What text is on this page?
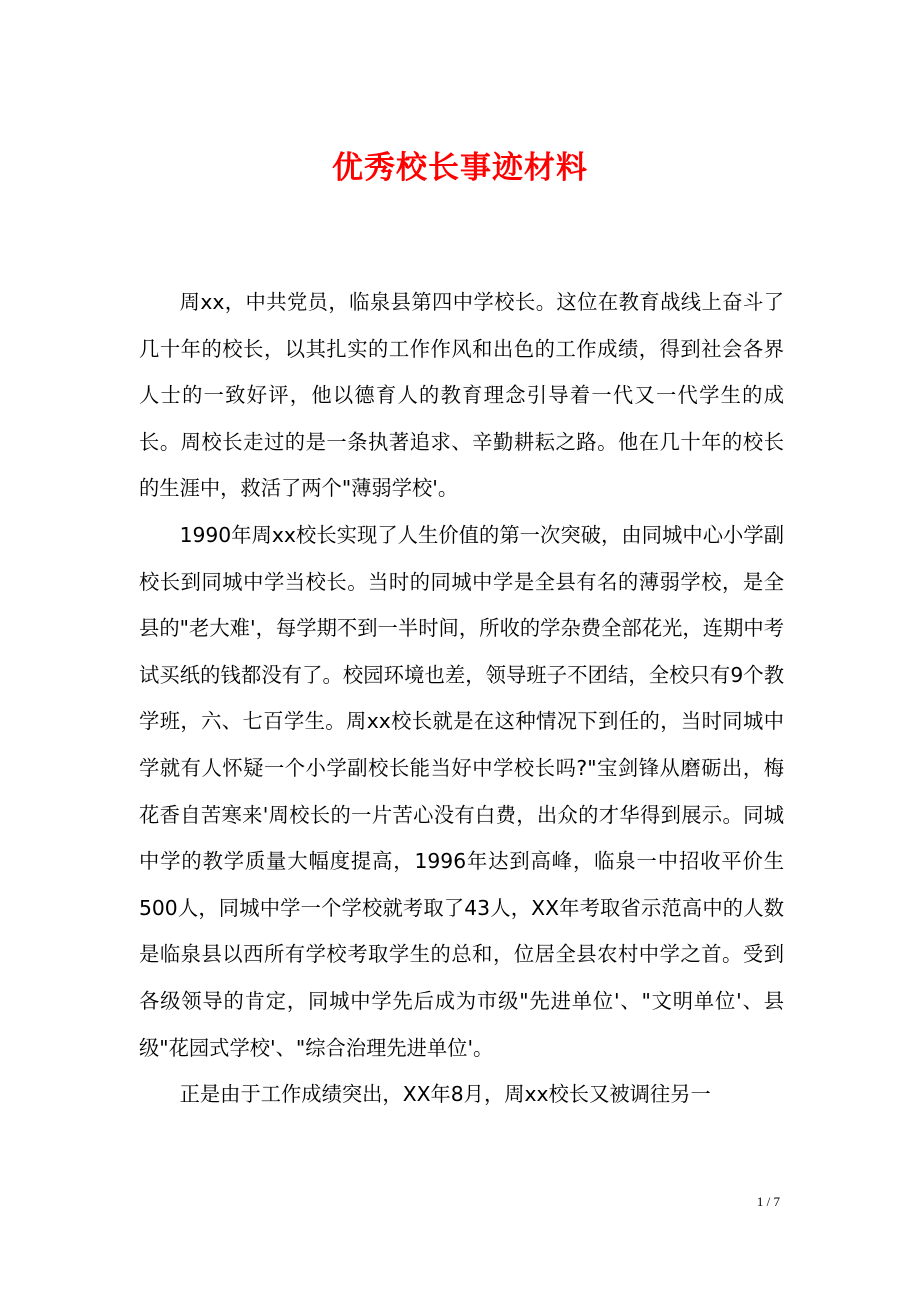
优秀校长事迹材料

周xx，中共党员，临泉县第四中学校长。这位在教育战线上奋斗了几十年的校长，以其扎实的工作作风和出色的工作成绩，得到社会各界人士的一致好评，他以德育人的教育理念引导着一代又一代学生的成长。周校长走过的是一条执著追求、辛勤耕耘之路。他在几十年的校长的生涯中，救活了两个"薄弱学校'。

1990年周xx校长实现了人生价值的第一次突破，由同城中心小学副校长到同城中学当校长。当时的同城中学是全县有名的薄弱学校，是全县的"老大难'，每学期不到一半时间，所收的学杂费全部花光，连期中考试买纸的钱都没有了。校园环境也差，领导班子不团结，全校只有9个教学班，六、七百学生。周xx校长就是在这种情况下到任的，当时同城中学就有人怀疑一个小学副校长能当好中学校长吗?"宝剑锋从磨砺出，梅花香自苦寒来'周校长的一片苦心没有白费，出众的才华得到展示。同城中学的教学质量大幅度提高，1996年达到高峰，临泉一中招收平价生500人，同城中学一个学校就考取了43人，XX年考取省示范高中的人数是临泉县以西所有学校考取学生的总和，位居全县农村中学之首。受到各级领导的肯定，同城中学先后成为市级"先进单位'、"文明单位'、县级"花园式学校'、"综合治理先进单位'。

正是由于工作成绩突出，XX年8月，周xx校长又被调往另一

1 / 7
